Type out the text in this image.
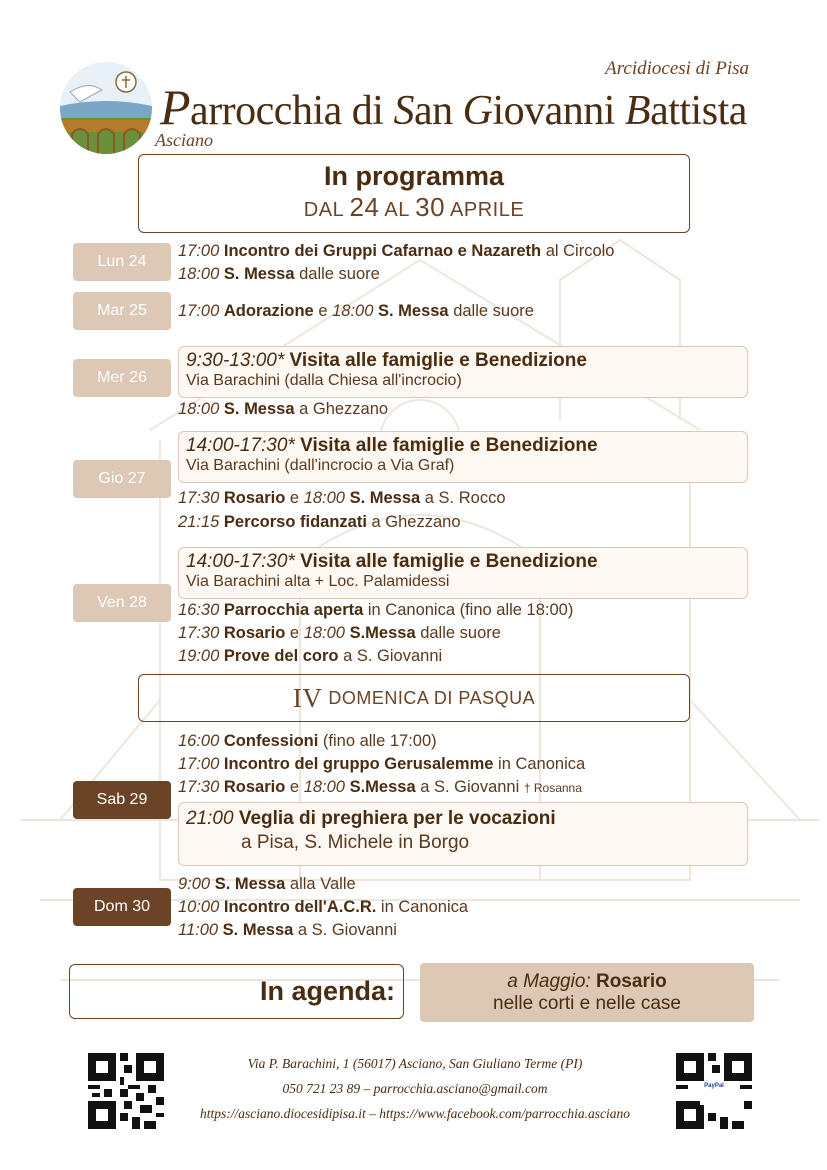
Arcidiocesi di Pisa
Parrocchia di San Giovanni Battista
Asciano
In programma
DAL 24 AL 30 APRILE
Lun 24
17:00 Incontro dei Gruppi Cafarnao e Nazareth al Circolo
18:00 S. Messa dalle suore
Mar 25	17:00 Adorazione e 18:00 S. Messa dalle suore
Mer 26
9:30-13:00* Visita alle famiglie e Benedizione
Via Barachini (dalla Chiesa all'incrocio)
18:00 S. Messa a Ghezzano
Gio 27
14:00-17:30* Visita alle famiglie e Benedizione
Via Barachini (dall'incrocio a Via Graf)
17:30 Rosario e 18:00 S. Messa a S. Rocco
21:15 Percorso fidanzati a Ghezzano
Ven 28
14:00-17:30* Visita alle famiglie e Benedizione
Via Barachini alta + Loc. Palamidessi
16:30 Parrocchia aperta in Canonica (fino alle 18:00)
17:30 Rosario e 18:00 S.Messa dalle suore
19:00 Prove del coro a S. Giovanni
IV DOMENICA DI PASQUA
16:00 Confessioni (fino alle 17:00)
17:00 Incontro del gruppo Gerusalemme in Canonica
17:30 Rosario e 18:00 S.Messa a S. Giovanni † Rosanna
Sab 29
21:00 Veglia di preghiera per le vocazioni
a Pisa, S. Michele in Borgo
Dom 30
9:00 S. Messa alla Valle
10:00 Incontro dell'A.C.R. in Canonica
11:00 S. Messa a S. Giovanni
In agenda:	a Maggio: Rosario
nelle corti e nelle case
Via P. Barachini, 1 (56017) Asciano, San Giuliano Terme (PI)
050 721 23 89 – parrocchia.asciano@gmail.com
https://asciano.diocesidipisa.it – https://www.facebook.com/parrocchia.asciano
PayPal
